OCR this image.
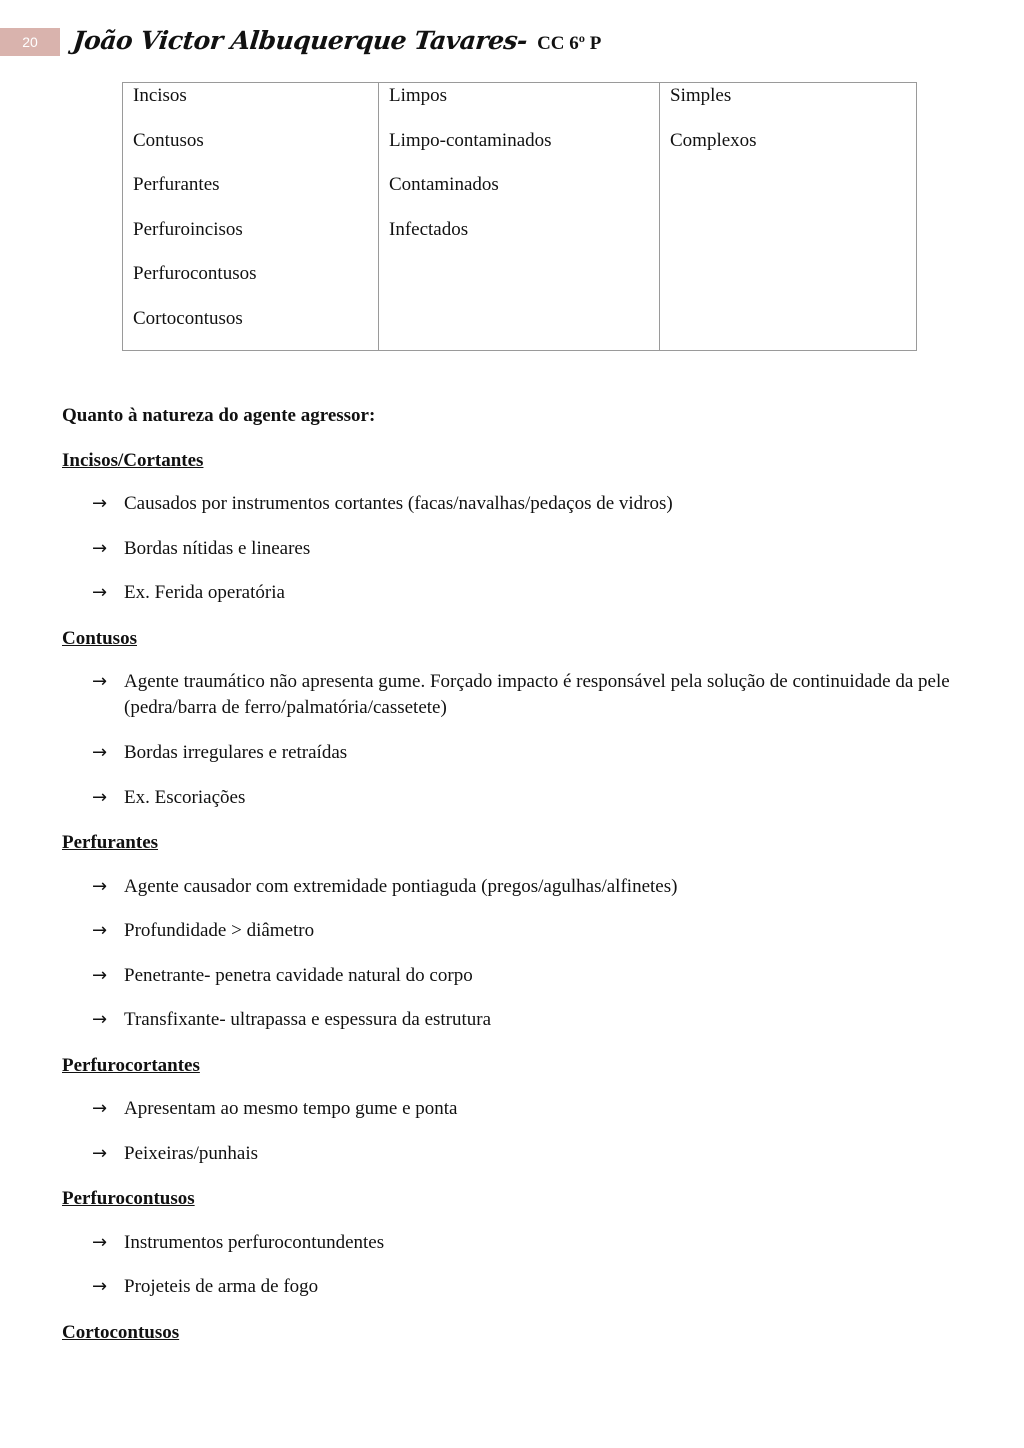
20	João Victor Albuquerque Tavares- CC 6º P
Incisos
Contusos
Perfurantes
Perfuroincisos
Perfurocontusos
Cortocontusos

Limpos
Limpo-contaminados
Contaminados
Infectados

Simples
Complexos
Quanto à natureza do agente agressor:
Incisos/Cortantes
→ Causados por instrumentos cortantes (facas/navalhas/pedaços de vidros)
→ Bordas nítidas e lineares
→ Ex. Ferida operatória
Contusos
→ Agente traumático não apresenta gume. Forçado impacto é responsável pela solução de continuidade da pele (pedra/barra de ferro/palmatória/cassetete)
→ Bordas irregulares e retraídas
→ Ex. Escoriações
Perfurantes
→ Agente causador com extremidade pontiaguda (pregos/agulhas/alfinetes)
→ Profundidade > diâmetro
→ Penetrante- penetra cavidade natural do corpo
→ Transfixante- ultrapassa e espessura da estrutura
Perfurocortantes
→ Apresentam ao mesmo tempo gume e ponta
→ Peixeiras/punhais
Perfurocontusos
→ Instrumentos perfurocontundentes
→ Projeteis de arma de fogo
Cortocontusos
